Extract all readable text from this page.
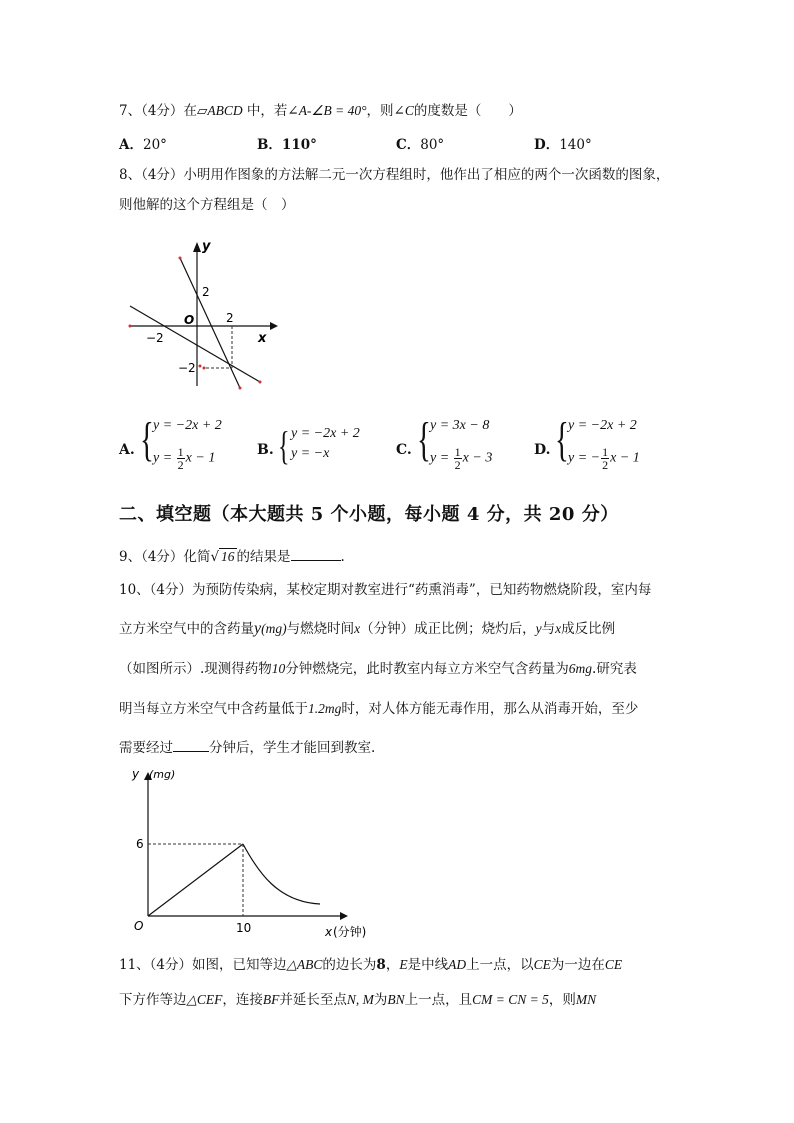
7、（4分）在▱ABCD 中，若∠A-∠B = 40°，则∠C的度数是（　　）
A．20°	B．110°	C．80°	D．140°
8、（4分）小明用作图象的方法解二元一次方程组时，他作出了相应的两个一次函数的图象，
则他解的这个方程组是（　）
y
x
O
2
2
−2
−2
A. { y = −2x + 2
$y = \frac{1}{2}$ x − 1
B. { y = −2x + 2
y = −x	C. { y = 3x − 8
$y = \frac{1}{2}$ x − 3
D. { y = −2x + 2
y = − $\frac{1}{2}$ x − 1
二、填空题（本大题共 5 个小题，每小题 4 分，共 20 分）
9、（4分）化简√ 16 的结果是	.
10、（4分）为预防传染病，某校定期对教室进行“药熏消毒”，已知药物燃烧阶段，室内每
立方米空气中的含药量y(mg)与燃烧时间x（分钟）成正比例；烧灼后，y与x成反比例
（如图所示）.现测得药物10分钟燃烧完，此时教室内每立方米空气含药量为6mg.研究表
明当每立方米空气中含药量低于1.2mg时，对人体方能无毒作用，那么从消毒开始，至少
需要经过	分钟后，学生才能回到教室.
y (mg)
6
10
O	x (分钟)
11、（4分）如图，已知等边△ABC的边长为8，E是中线AD上一点，以CE为一边在CE
下方作等边△CEF，连接BF并延长至点N, M为BN上一点，且CM = CN = 5，则MN
